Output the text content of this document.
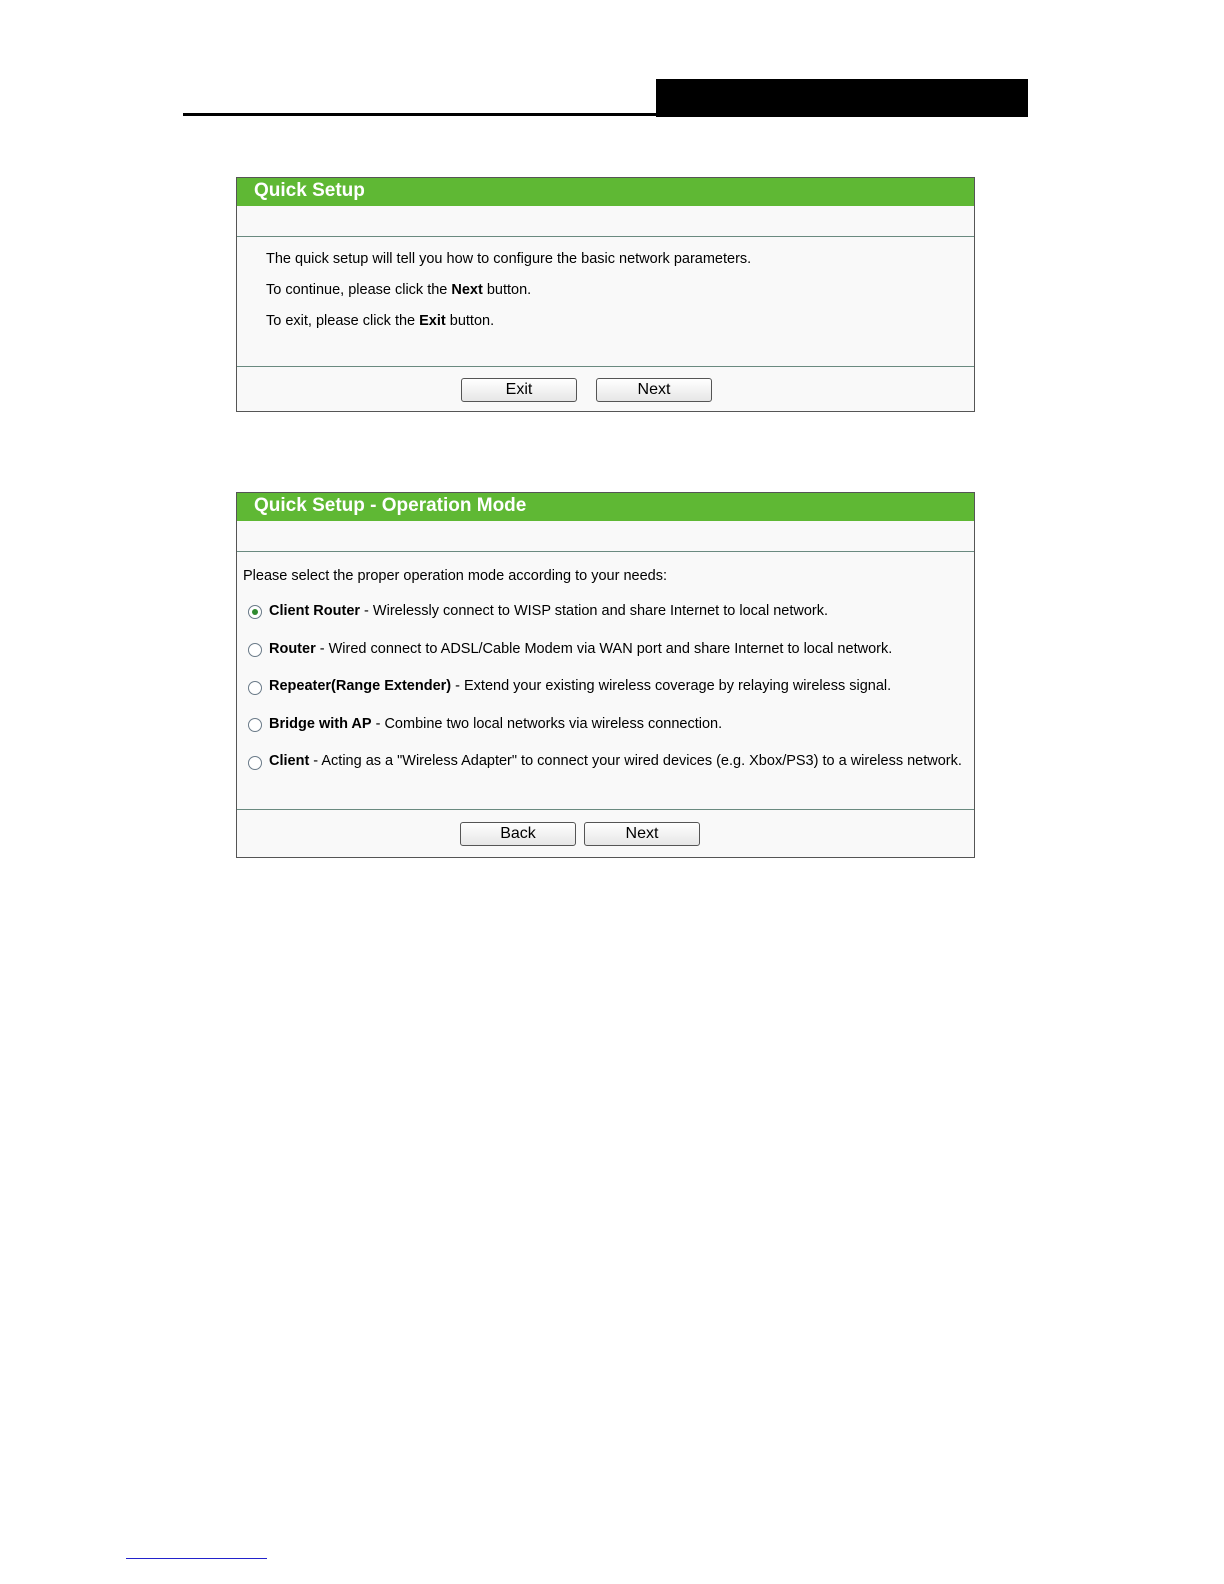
Quick Setup
The quick setup will tell you how to configure the basic network parameters.
To continue, please click the Next button.
To exit, please click the Exit button.
Exit	Next
Quick Setup - Operation Mode
Please select the proper operation mode according to your needs:
Client Router - Wirelessly connect to WISP station and share Internet to local network.
Router - Wired connect to ADSL/Cable Modem via WAN port and share Internet to local network.
Repeater(Range Extender) - Extend your existing wireless coverage by relaying wireless signal.
Bridge with AP - Combine two local networks via wireless connection.
Client - Acting as a "Wireless Adapter" to connect your wired devices (e.g. Xbox/PS3) to a wireless network.
Back	Next
